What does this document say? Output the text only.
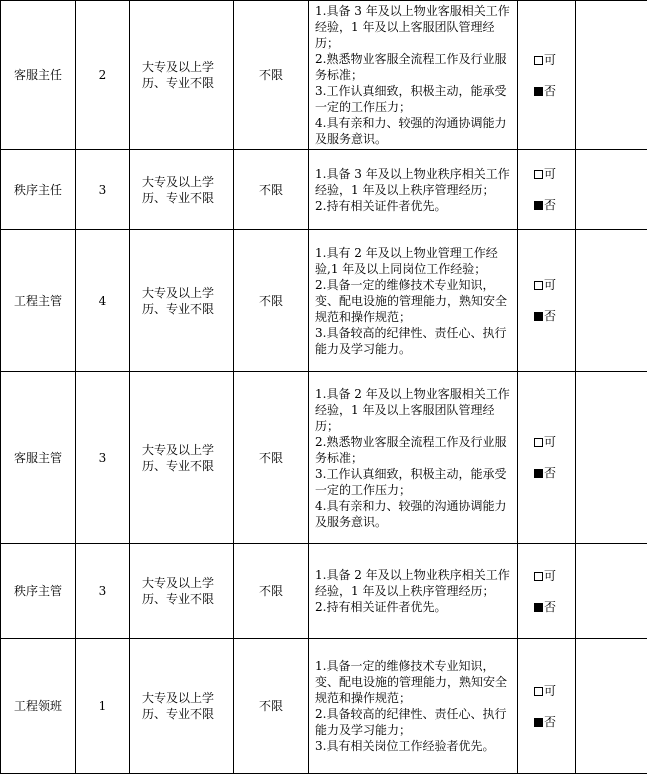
客服主任	2	大专及以上学历、专业不限	不限	1.具备 3 年及以上物业客服相关工作经验，1 年及以上客服团队管理经历；
2.熟悉物业客服全流程工作及行业服务标准；
3.工作认真细致，积极主动，能承受一定的工作压力；
4.具有亲和力、较强的沟通协调能力及服务意识。	可
否	

秩序主任	3	大专及以上学历、专业不限	不限	1.具备 3 年及以上物业秩序相关工作经验，1 年及以上秩序管理经历；
2.持有相关证件者优先。	可
否	

工程主管	4	大专及以上学历、专业不限	不限	1.具有 2 年及以上物业管理工作经验,1 年及以上同岗位工作经验；
2.具备一定的维修技术专业知识，变、配电设施的管理能力，熟知安全规范和操作规范；
3.具备较高的纪律性、责任心、执行能力及学习能力。	可
否	

客服主管	3	大专及以上学历、专业不限	不限	1.具备 2 年及以上物业客服相关工作经验，1 年及以上客服团队管理经历；
2.熟悉物业客服全流程工作及行业服务标准；
3.工作认真细致，积极主动，能承受一定的工作压力；
4.具有亲和力、较强的沟通协调能力及服务意识。	可
否	

秩序主管	3	大专及以上学历、专业不限	不限	1.具备 2 年及以上物业秩序相关工作经验，1 年及以上秩序管理经历；
2.持有相关证件者优先。	可
否	

工程领班	1	大专及以上学历、专业不限	不限	1.具备一定的维修技术专业知识，变、配电设施的管理能力，熟知安全规范和操作规范；
2.具备较高的纪律性、责任心、执行能力及学习能力；
3.具有相关岗位工作经验者优先。	可
否	
